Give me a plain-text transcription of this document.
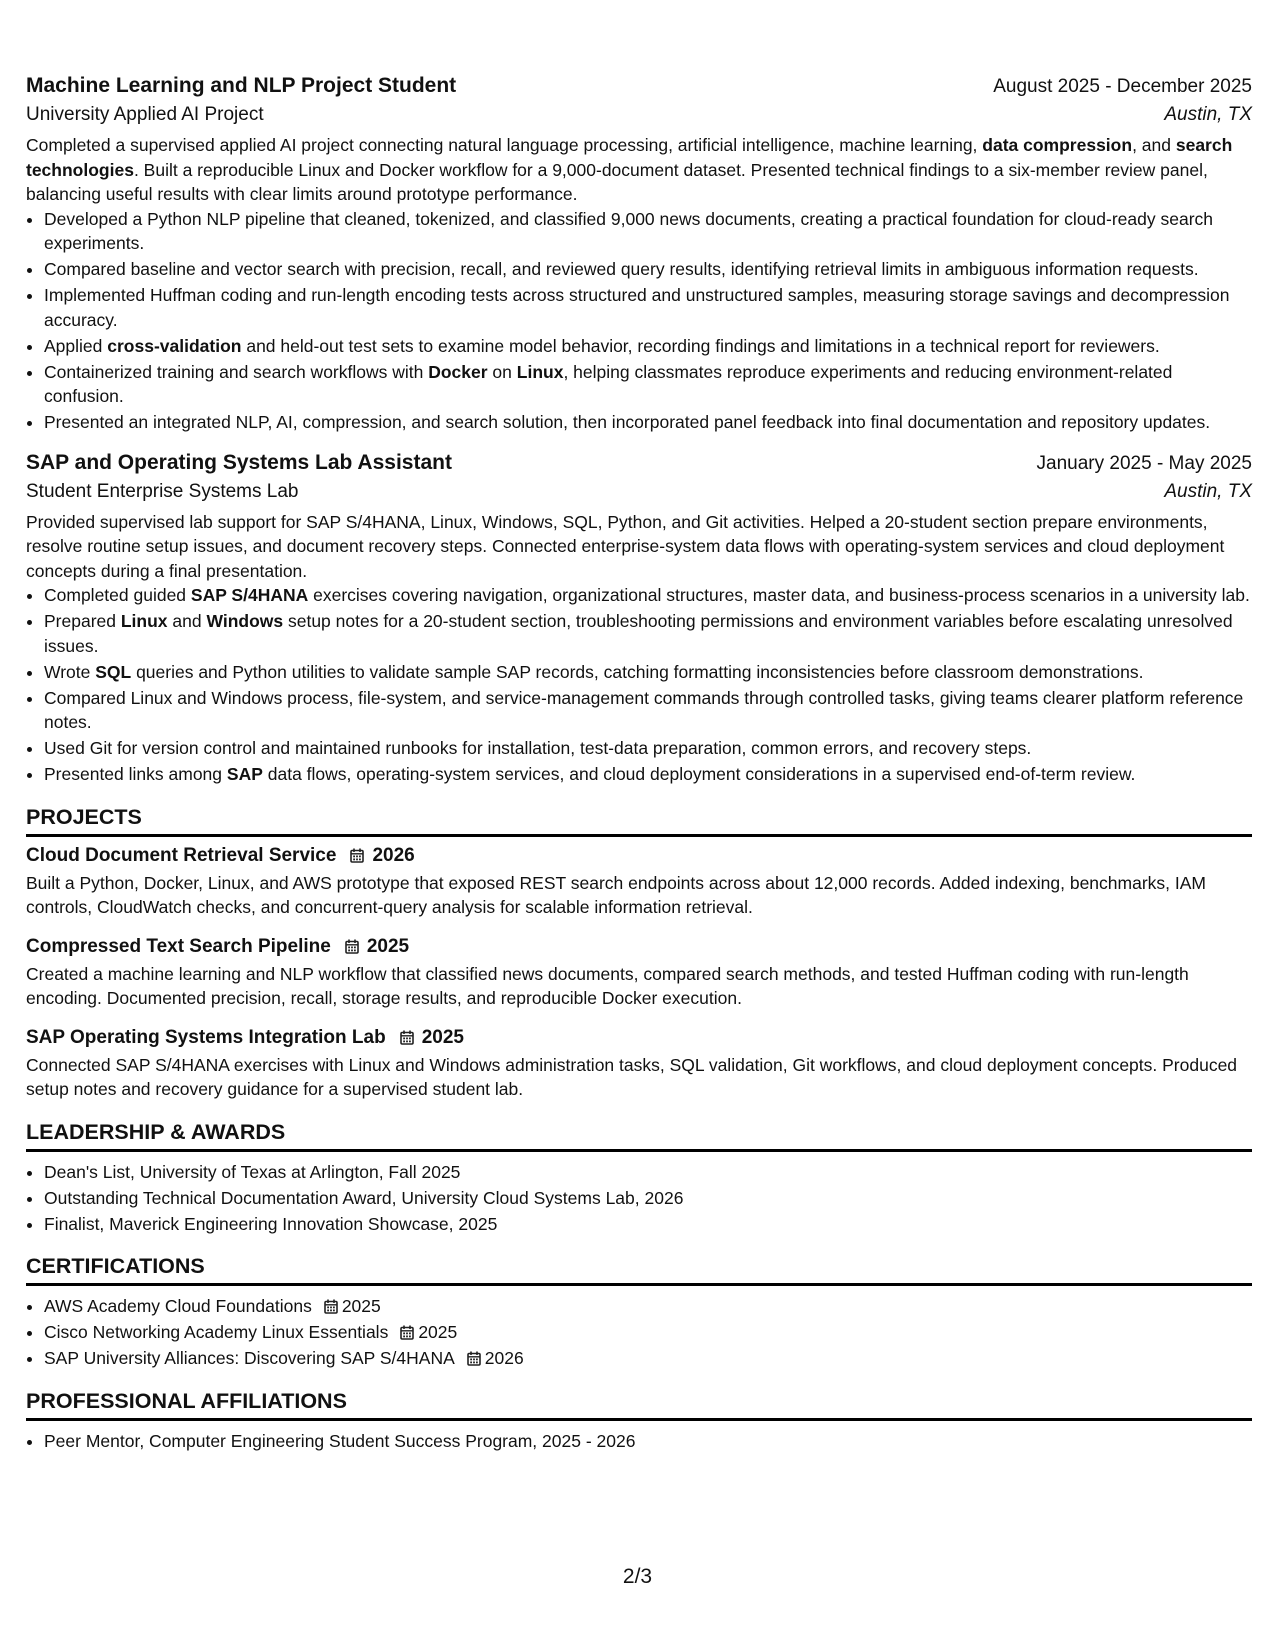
Machine Learning and NLP Project Student	August 2025 - December 2025
University Applied AI Project	Austin, TX
Completed a supervised applied AI project connecting natural language processing, artificial intelligence, machine learning, data compression, and search technologies. Built a reproducible Linux and Docker workflow for a 9,000-document dataset. Presented technical findings to a six-member review panel, balancing useful results with clear limits around prototype performance.
• Developed a Python NLP pipeline that cleaned, tokenized, and classified 9,000 news documents, creating a practical foundation for cloud-ready search experiments.
• Compared baseline and vector search with precision, recall, and reviewed query results, identifying retrieval limits in ambiguous information requests.
• Implemented Huffman coding and run-length encoding tests across structured and unstructured samples, measuring storage savings and decompression accuracy.
• Applied cross-validation and held-out test sets to examine model behavior, recording findings and limitations in a technical report for reviewers.
• Containerized training and search workflows with Docker on Linux, helping classmates reproduce experiments and reducing environment-related confusion.
• Presented an integrated NLP, AI, compression, and search solution, then incorporated panel feedback into final documentation and repository updates.
SAP and Operating Systems Lab Assistant	January 2025 - May 2025
Student Enterprise Systems Lab	Austin, TX
Provided supervised lab support for SAP S/4HANA, Linux, Windows, SQL, Python, and Git activities. Helped a 20-student section prepare environments, resolve routine setup issues, and document recovery steps. Connected enterprise-system data flows with operating-system services and cloud deployment concepts during a final presentation.
• Completed guided SAP S/4HANA exercises covering navigation, organizational structures, master data, and business-process scenarios in a university lab.
• Prepared Linux and Windows setup notes for a 20-student section, troubleshooting permissions and environment variables before escalating unresolved issues.
• Wrote SQL queries and Python utilities to validate sample SAP records, catching formatting inconsistencies before classroom demonstrations.
• Compared Linux and Windows process, file-system, and service-management commands through controlled tasks, giving teams clearer platform reference notes.
• Used Git for version control and maintained runbooks for installation, test-data preparation, common errors, and recovery steps.
• Presented links among SAP data flows, operating-system services, and cloud deployment considerations in a supervised end-of-term review.
PROJECTS
Cloud Document Retrieval Service 2026
Built a Python, Docker, Linux, and AWS prototype that exposed REST search endpoints across about 12,000 records. Added indexing, benchmarks, IAM controls, CloudWatch checks, and concurrent-query analysis for scalable information retrieval.
Compressed Text Search Pipeline 2025
Created a machine learning and NLP workflow that classified news documents, compared search methods, and tested Huffman coding with run-length encoding. Documented precision, recall, storage results, and reproducible Docker execution.
SAP Operating Systems Integration Lab 2025
Connected SAP S/4HANA exercises with Linux and Windows administration tasks, SQL validation, Git workflows, and cloud deployment concepts. Produced setup notes and recovery guidance for a supervised student lab.
LEADERSHIP & AWARDS
• Dean's List, University of Texas at Arlington, Fall 2025
• Outstanding Technical Documentation Award, University Cloud Systems Lab, 2026
• Finalist, Maverick Engineering Innovation Showcase, 2025
CERTIFICATIONS
• AWS Academy Cloud Foundations 2025
• Cisco Networking Academy Linux Essentials 2025
• SAP University Alliances: Discovering SAP S/4HANA 2026
PROFESSIONAL AFFILIATIONS
• Peer Mentor, Computer Engineering Student Success Program, 2025 - 2026
2/3
